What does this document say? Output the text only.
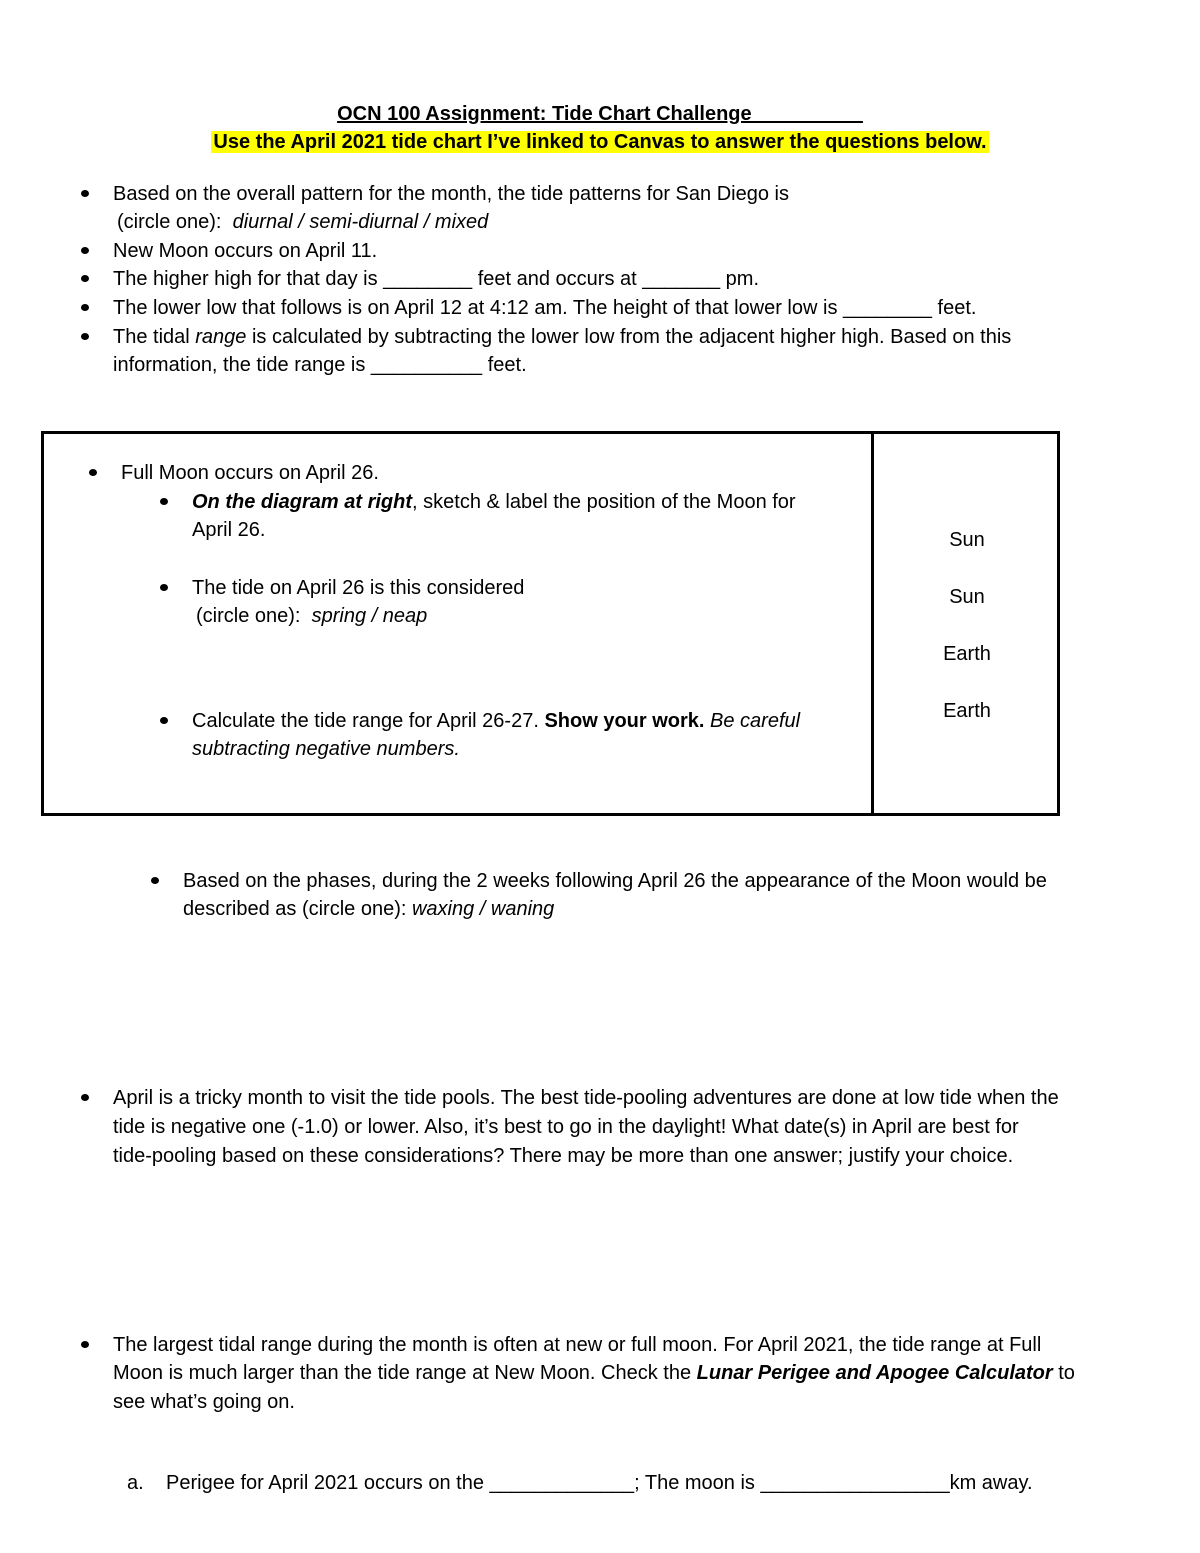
OCN 100 Assignment: Tide Chart Challenge__________
Use the April 2021 tide chart I’ve linked to Canvas to answer the questions below.
Based on the overall pattern for the month, the tide patterns for San Diego is
(circle one): diurnal / semi-diurnal / mixed
New Moon occurs on April 11.
The higher high for that day is ________ feet and occurs at _______ pm.
The lower low that follows is on April 12 at 4:12 am. The height of that lower low is ________ feet.
The tidal range is calculated by subtracting the lower low from the adjacent higher high. Based on this
information, the tide range is __________ feet.
Full Moon occurs on April 26.
On the diagram at right, sketch & label the position of the Moon for
April 26.
The tide on April 26 is this considered
(circle one): spring / neap
Calculate the tide range for April 26-27. Show your work. Be careful
subtracting negative numbers.
Sun
Sun
Earth
Earth
Based on the phases, during the 2 weeks following April 26 the appearance of the Moon would be
described as (circle one): waxing / waning
April is a tricky month to visit the tide pools. The best tide-pooling adventures are done at low tide when the
tide is negative one (-1.0) or lower. Also, it’s best to go in the daylight! What date(s) in April are best for
tide-pooling based on these considerations? There may be more than one answer; justify your choice.
The largest tidal range during the month is often at new or full moon. For April 2021, the tide range at Full
Moon is much larger than the tide range at New Moon. Check the Lunar Perigee and Apogee Calculator to
see what’s going on.
a. Perigee for April 2021 occurs on the _____________; The moon is _________________km away.
